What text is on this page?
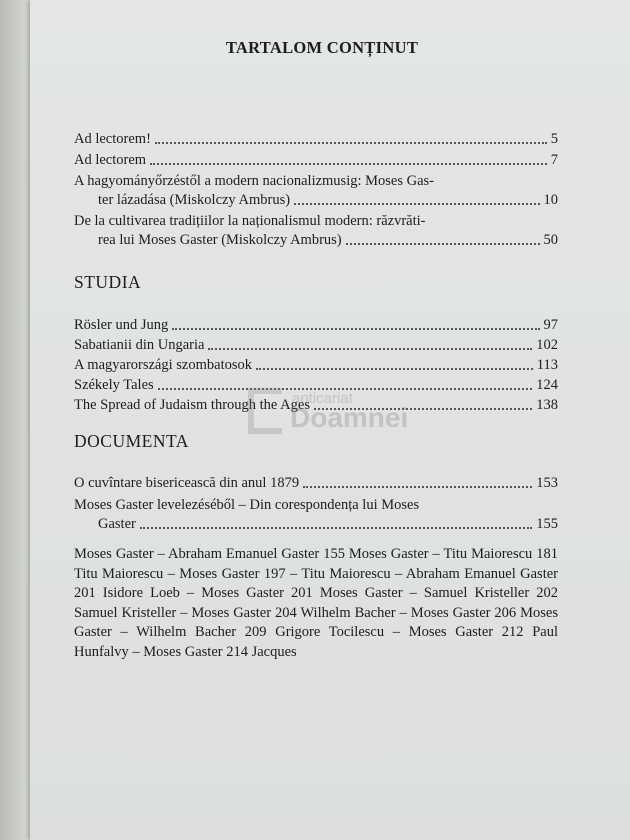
TARTALOM CONȚINUT
Ad lectorem!	5
Ad lectorem	7
A hagyományőrzéstől a modern nacionalizmusig: Moses Gas-
ter lázadása (Miskolczy Ambrus)	10
De la cultivarea tradițiilor la naționalismul modern: răzvrăti-
rea lui Moses Gaster (Miskolczy Ambrus)	50
STUDIA
Rösler und Jung	97
Sabatianii din Ungaria	102
A magyarországi szombatosok	113
Székely Tales	124
The Spread of Judaism through the Ages	138
anticariat
Doamnei
DOCUMENTA
O cuvîntare bisericească din anul 1879	153
Moses Gaster levelezéséből – Din corespondența lui Moses
Gaster	155
Moses Gaster – Abraham Emanuel Gaster 155 Moses Gaster – Titu Maiorescu 181 Titu Maiorescu – Moses Gaster 197 – Titu Maiorescu – Abraham Emanuel Gaster 201 Isidore Loeb – Moses Gaster 201 Moses Gaster – Samuel Kristeller 202 Samuel Kristeller – Moses Gaster 204 Wilhelm Bacher – Moses Gaster 206 Moses Gaster – Wilhelm Bacher 209 Grigore Tocilescu – Moses Gaster 212 Paul Hunfalvy – Moses Gaster 214 Jacques
